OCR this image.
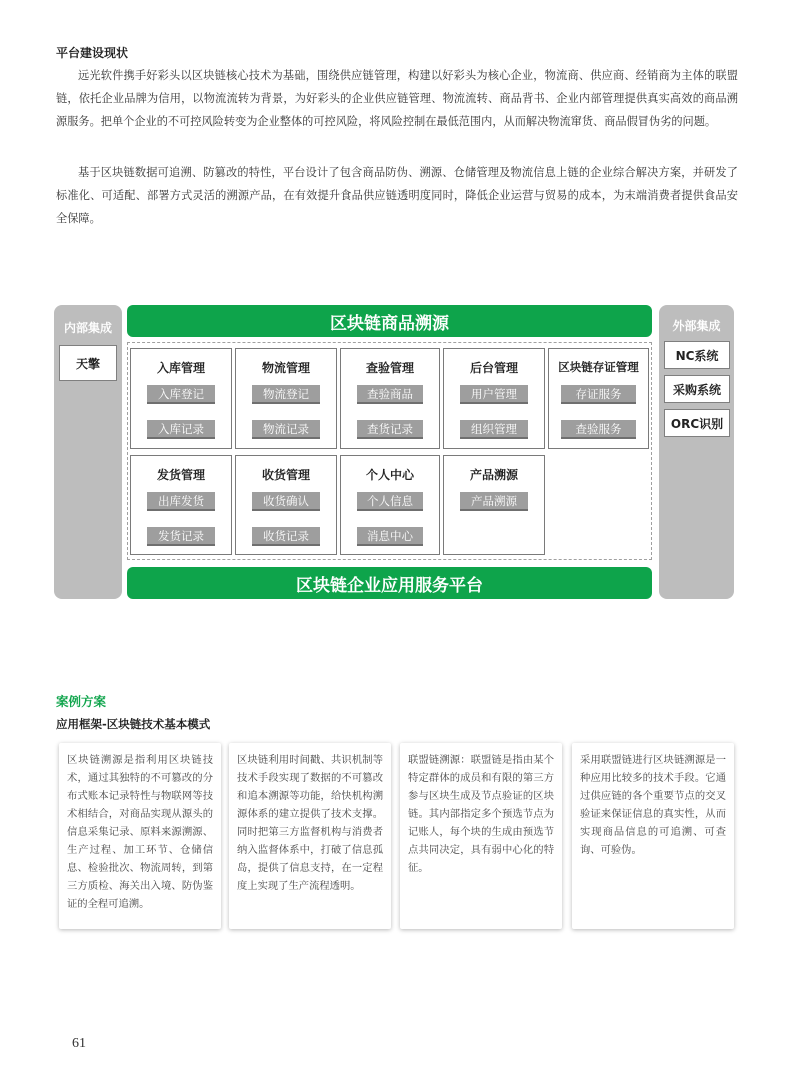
平台建设现状
远光软件携手好彩头以区块链核心技术为基础，围绕供应链管理，构建以好彩头为核心企业，物流商、供应商、经销商为主体的联盟链，依托企业品牌为信用，以物流流转为背景，为好彩头的企业供应链管理、物流流转、商品背书、企业内部管理提供真实高效的商品溯源服务。把单个企业的不可控风险转变为企业整体的可控风险，将风险控制在最低范围内，从而解决物流窜货、商品假冒伪劣的问题。
基于区块链数据可追溯、防篡改的特性，平台设计了包含商品防伪、溯源、仓储管理及物流信息上链的企业综合解决方案，并研发了标准化、可适配、部署方式灵活的溯源产品，在有效提升食品供应链透明度同时，降低企业运营与贸易的成本，为末端消费者提供食品安全保障。
内部集成
天擎
外部集成
NC系统
采购系统
ORC识别
区块链商品溯源
入库管理
入库登记
入库记录
物流管理
物流登记
物流记录
查验管理
查验商品
查货记录
后台管理
用户管理
组织管理
区块链存证管理
存证服务
查验服务
发货管理
出库发货
发货记录
收货管理
收货确认
收货记录
个人中心
个人信息
消息中心
产品溯源
产品溯源
区块链企业应用服务平台
案例方案
应用框架-区块链技术基本模式
区块链溯源是指利用区块链技术，通过其独特的不可篡改的分布式账本记录特性与物联网等技术相结合，对商品实现从源头的信息采集记录、原料来源溯源、生产过程、加工环节、仓储信息、检验批次、物流周转，到第三方质检、海关出入境、防伪鉴证的全程可追溯。
区块链利用时间戳、共识机制等技术手段实现了数据的不可篡改和追本溯源等功能，给快机构溯源体系的建立提供了技术支撑。同时把第三方监督机构与消费者纳入监督体系中，打破了信息孤岛，提供了信息支持，在一定程度上实现了生产流程透明。
联盟链溯源：联盟链是指由某个特定群体的成员和有限的第三方参与区块生成及节点验证的区块链。其内部指定多个预选节点为记账人，每个块的生成由预选节点共同决定，具有弱中心化的特征。
采用联盟链进行区块链溯源是一种应用比较多的技术手段。它通过供应链的各个重要节点的交叉验证来保证信息的真实性，从而实现商品信息的可追溯、可查询、可验伪。
61
